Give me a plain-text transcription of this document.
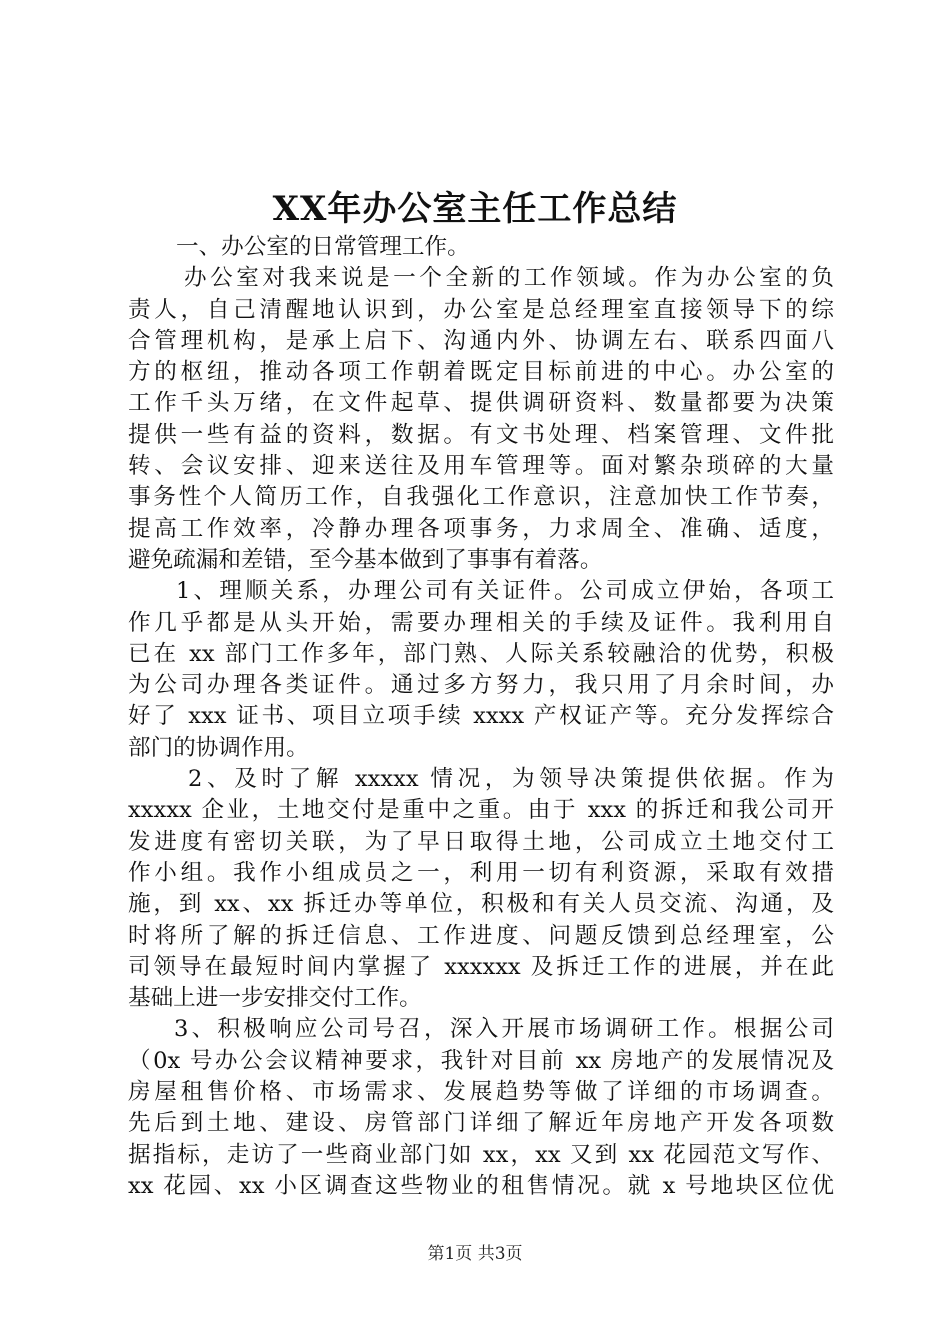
XX年办公室主任工作总结
一、办公室的日常管理工作。
办公室对我来说是一个全新的工作领域。作为办公室的负
责人，自己清醒地认识到，办公室是总经理室直接领导下的综
合管理机构，是承上启下、沟通内外、协调左右、联系四面八
方的枢纽，推动各项工作朝着既定目标前进的中心。办公室的
工作千头万绪，在文件起草、提供调研资料、数量都要为决策
提供一些有益的资料，数据。有文书处理、档案管理、文件批
转、会议安排、迎来送往及用车管理等。面对繁杂琐碎的大量
事务性个人简历工作，自我强化工作意识，注意加快工作节奏，
提高工作效率，冷静办理各项事务，力求周全、准确、适度，
避免疏漏和差错，至今基本做到了事事有着落。
1、理顺关系，办理公司有关证件。公司成立伊始，各项工
作几乎都是从头开始，需要办理相关的手续及证件。我利用自
已在 xx 部门工作多年，部门熟、人际关系较融洽的优势，积极
为公司办理各类证件。通过多方努力，我只用了月余时间，办
好了 xxx 证书、项目立项手续 xxxx 产权证产等。充分发挥综合
部门的协调作用。
2、及时了解 xxxxx 情况，为领导决策提供依据。作为
xxxxx 企业，土地交付是重中之重。由于 xxx 的拆迁和我公司开
发进度有密切关联，为了早日取得土地，公司成立土地交付工
作小组。我作小组成员之一，利用一切有利资源，采取有效措
施，到 xx、xx 拆迁办等单位，积极和有关人员交流、沟通，及
时将所了解的拆迁信息、工作进度、问题反馈到总经理室，公
司领导在最短时间内掌握了 xxxxxx 及拆迁工作的进展，并在此
基础上进一步安排交付工作。
3、积极响应公司号召，深入开展市场调研工作。根据公司
（0x 号办公会议精神要求，我针对目前 xx 房地产的发展情况及
房屋租售价格、市场需求、发展趋势等做了详细的市场调查。
先后到土地、建设、房管部门详细了解近年房地产开发各项数
据指标，走访了一些商业部门如 xx，xx 又到 xx 花园范文写作、
xx 花园、xx 小区调查这些物业的租售情况。就 x 号地块区位优
第1页 共3页
